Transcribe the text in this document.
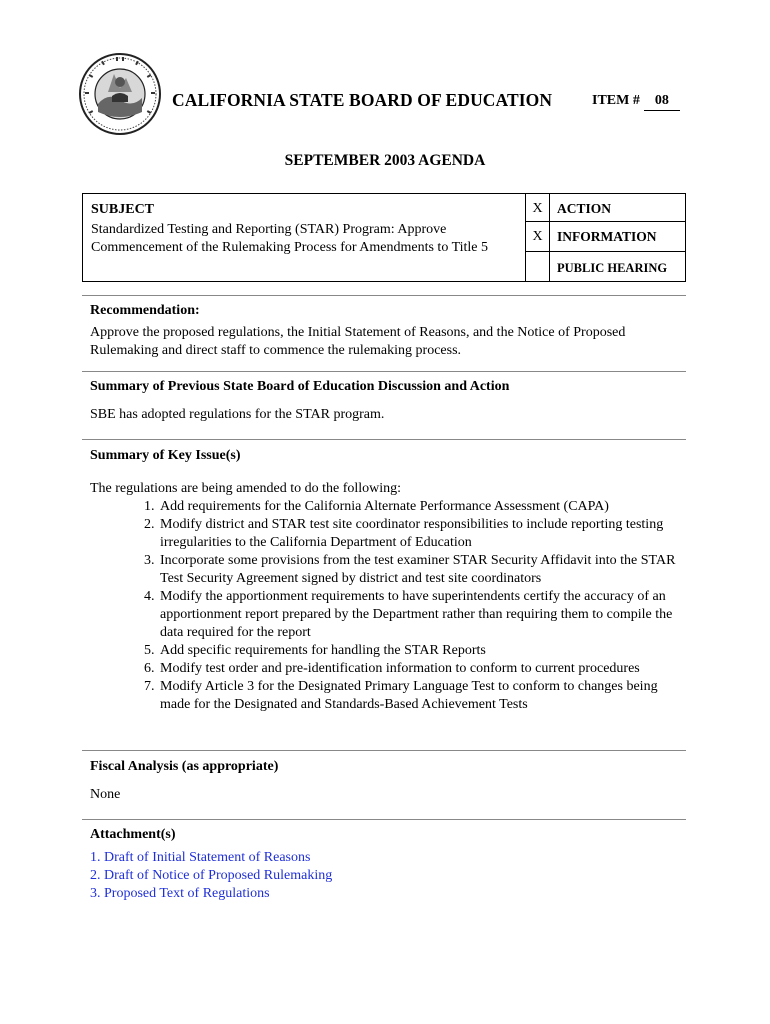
CALIFORNIA STATE BOARD OF EDUCATION	ITEM # 08
SEPTEMBER 2003 AGENDA
SUBJECT
Standardized Testing and Reporting (STAR) Program: Approve Commencement of the Rulemaking Process for Amendments to Title 5
X
X
ACTION
INFORMATION
PUBLIC HEARING
Recommendation:
Approve the proposed regulations, the Initial Statement of Reasons, and the Notice of Proposed Rulemaking and direct staff to commence the rulemaking process.
Summary of Previous State Board of Education Discussion and Action
SBE has adopted regulations for the STAR program.
Summary of Key Issue(s)
The regulations are being amended to do the following:
1. Add requirements for the California Alternate Performance Assessment (CAPA)
2. Modify district and STAR test site coordinator responsibilities to include reporting testing irregularities to the California Department of Education
3. Incorporate some provisions from the test examiner STAR Security Affidavit into the STAR Test Security Agreement signed by district and test site coordinators
4. Modify the apportionment requirements to have superintendents certify the accuracy of an apportionment report prepared by the Department rather than requiring them to compile the data required for the report
5. Add specific requirements for handling the STAR Reports
6. Modify test order and pre-identification information to conform to current procedures
7. Modify Article 3 for the Designated Primary Language Test to conform to changes being made for the Designated and Standards-Based Achievement Tests
Fiscal Analysis (as appropriate)
None
Attachment(s)
1. Draft of Initial Statement of Reasons
2. Draft of Notice of Proposed Rulemaking
3. Proposed Text of Regulations
